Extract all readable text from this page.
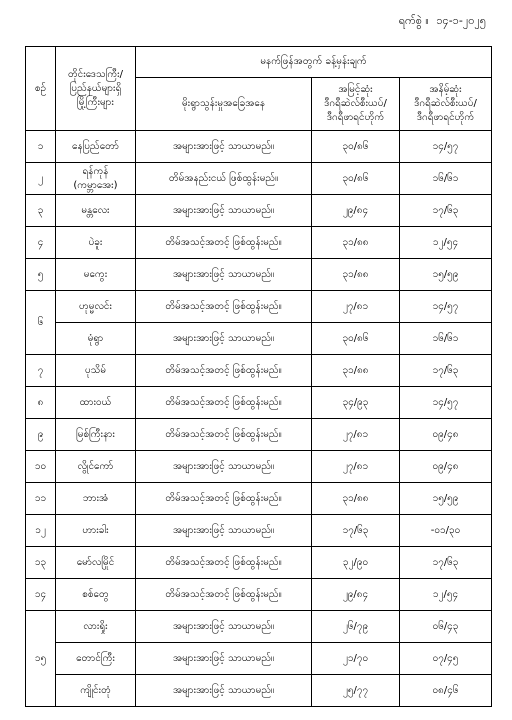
ရက်စွဲ ။ ၁၄-၁-၂၀၂၅
စဉ်	တိုင်းဒေသကြီး/
ပြည်နယ်များရှိ
မြို့ကြီးများ	မနက်ဖြန်အတွက် ခန့်မှန်းချက်		
		မိုးရွာသွန်းမှုအခြေအနေ	အမြင့်ဆုံး
ဒီဂရီဆဲလ်စီးယပ်/
ဒီဂရီဖာရင်ဟိုက်	အနိမ့်ဆုံး
ဒီဂရီဆဲလ်စီးယပ်/
ဒီဂရီဖာရင်ဟိုက်

၁	နေပြည်တော်	အများအားဖြင့် သာယာမည်။	၃၀/၈၆	၁၄/၅၇
၂	ရန်ကုန်
(ကမ္ဘာအေး)	တိမ်အနည်းငယ် ဖြစ်ထွန်းမည်။	၃၀/၈၆	၁၆/၆၁
၃	မန္တလေး	အများအားဖြင့် သာယာမည်။	၂၉/၈၄	၁၇/၆၃
၄	ပဲခူး	တိမ်အသင့်အတင့် ဖြစ်ထွန်းမည်။	၃၁/၈၈	၁၂/၅၄
၅	မကွေး	အများအားဖြင့် သာယာမည်။	၃၁/၈၈	၁၅/၅၉
၆	ဟုမ္မလင်း	တိမ်အသင့်အတင့် ဖြစ်ထွန်းမည်။	၂၇/၈၁	၁၄/၅၇
	မုံရွာ	အများအားဖြင့် သာယာမည်။	၃၀/၈၆	၁၆/၆၁
၇	ပုသိမ်	တိမ်အသင့်အတင့် ဖြစ်ထွန်းမည်။	၃၁/၈၈	၁၇/၆၃
၈	ထားဝယ်	တိမ်အသင့်အတင့် ဖြစ်ထွန်းမည်။	၃၄/၉၃	၁၄/၅၇
၉	မြစ်ကြီးနား	တိမ်အသင့်အတင့် ဖြစ်ထွန်းမည်။	၂၇/၈၁	၀၉/၄၈
၁၀	လွိုင်ကော်	အများအားဖြင့် သာယာမည်။	၂၇/၈၁	၀၉/၄၈
၁၁	ဘားအံ	တိမ်အသင့်အတင့် ဖြစ်ထွန်းမည်။	၃၁/၈၈	၁၅/၅၉
၁၂	ဟားခါး	အများအားဖြင့် သာယာမည်။	၁၇/၆၃	-၀၁/၃၀
၁၃	မော်လမြိုင်	တိမ်အသင့်အတင့် ဖြစ်ထွန်းမည်။	၃၂/၉၀	၁၇/၆၃
၁၄	စစ်တွေ	တိမ်အသင့်အတင့် ဖြစ်ထွန်းမည်။	၂၉/၈၄	၁၂/၅၄
၁၅	လားရှိုး	အများအားဖြင့် သာယာမည်။	၂၆/၇၉	၀၆/၄၃
	တောင်ကြီး	အများအားဖြင့် သာယာမည်။	၂၁/၇၀	၀၇/၄၅
	ကျိုင်းတုံ	အများအားဖြင့် သာယာမည်။	၂၅/၇၇	၀၈/၄၆
